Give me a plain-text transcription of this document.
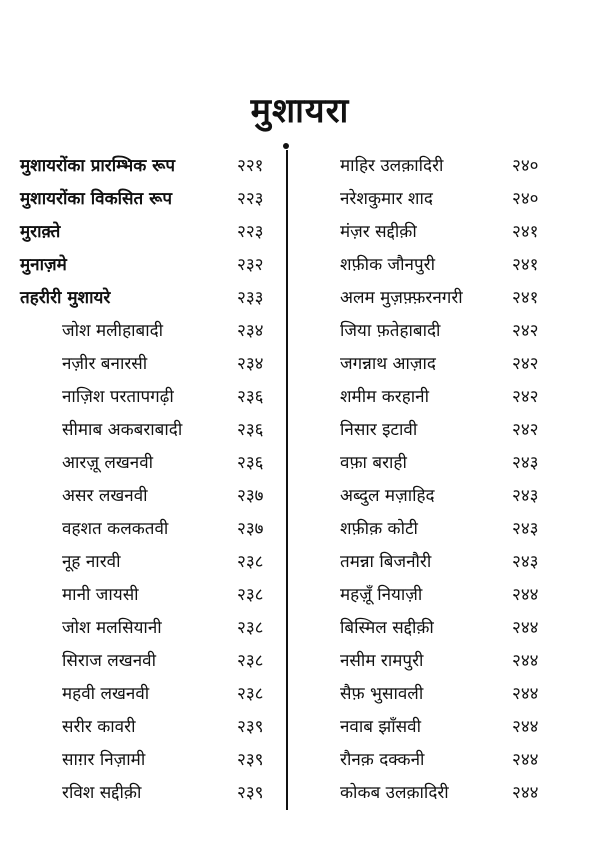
मुशायरा
मुशायरोंका प्रारम्भिक रूप	२२१
मुशायरोंका विकसित रूप	२२३
मुराक़्ते	२२३
मुनाज़मे	२३२
तहरीरी मुशायरे	२३३
जोश मलीहाबादी	२३४
नज़ीर बनारसी	२३४
नाज़िश परतापगढ़ी	२३६
सीमाब अकबराबादी	२३६
आरज़ू लखनवी	२३६
असर लखनवी	२३७
वहशत कलकतवी	२३७
नूह नारवी	२३८
मानी जायसी	२३८
जोश मलसियानी	२३८
सिराज लखनवी	२३८
महवी लखनवी	२३८
सरीर कावरी	२३९
साग़र निज़ामी	२३९
रविश सद्दीक़ी	२३९
माहिर उलक़ादिरी	२४०
नरेशकुमार शाद	२४०
मंज़र सद्दीक़ी	२४१
शफ़ीक जौनपुरी	२४१
अलम मुज़फ़्फ़रनगरी	२४१
जिया फ़तेहाबादी	२४२
जगन्नाथ आज़ाद	२४२
शमीम करहानी	२४२
निसार इटावी	२४२
वफ़ा बराही	२४३
अब्दुल मज़ाहिद	२४३
शफ़ीक़ कोटी	२४३
तमन्ना बिजनौरी	२४३
महज़ूँ नियाज़ी	२४४
बिस्मिल सद्दीक़ी	२४४
नसीम रामपुरी	२४४
सैफ़ भुसावली	२४४
नवाब झाँसवी	२४४
रौनक़ दक्कनी	२४४
कोकब उलक़ादिरी	२४४
